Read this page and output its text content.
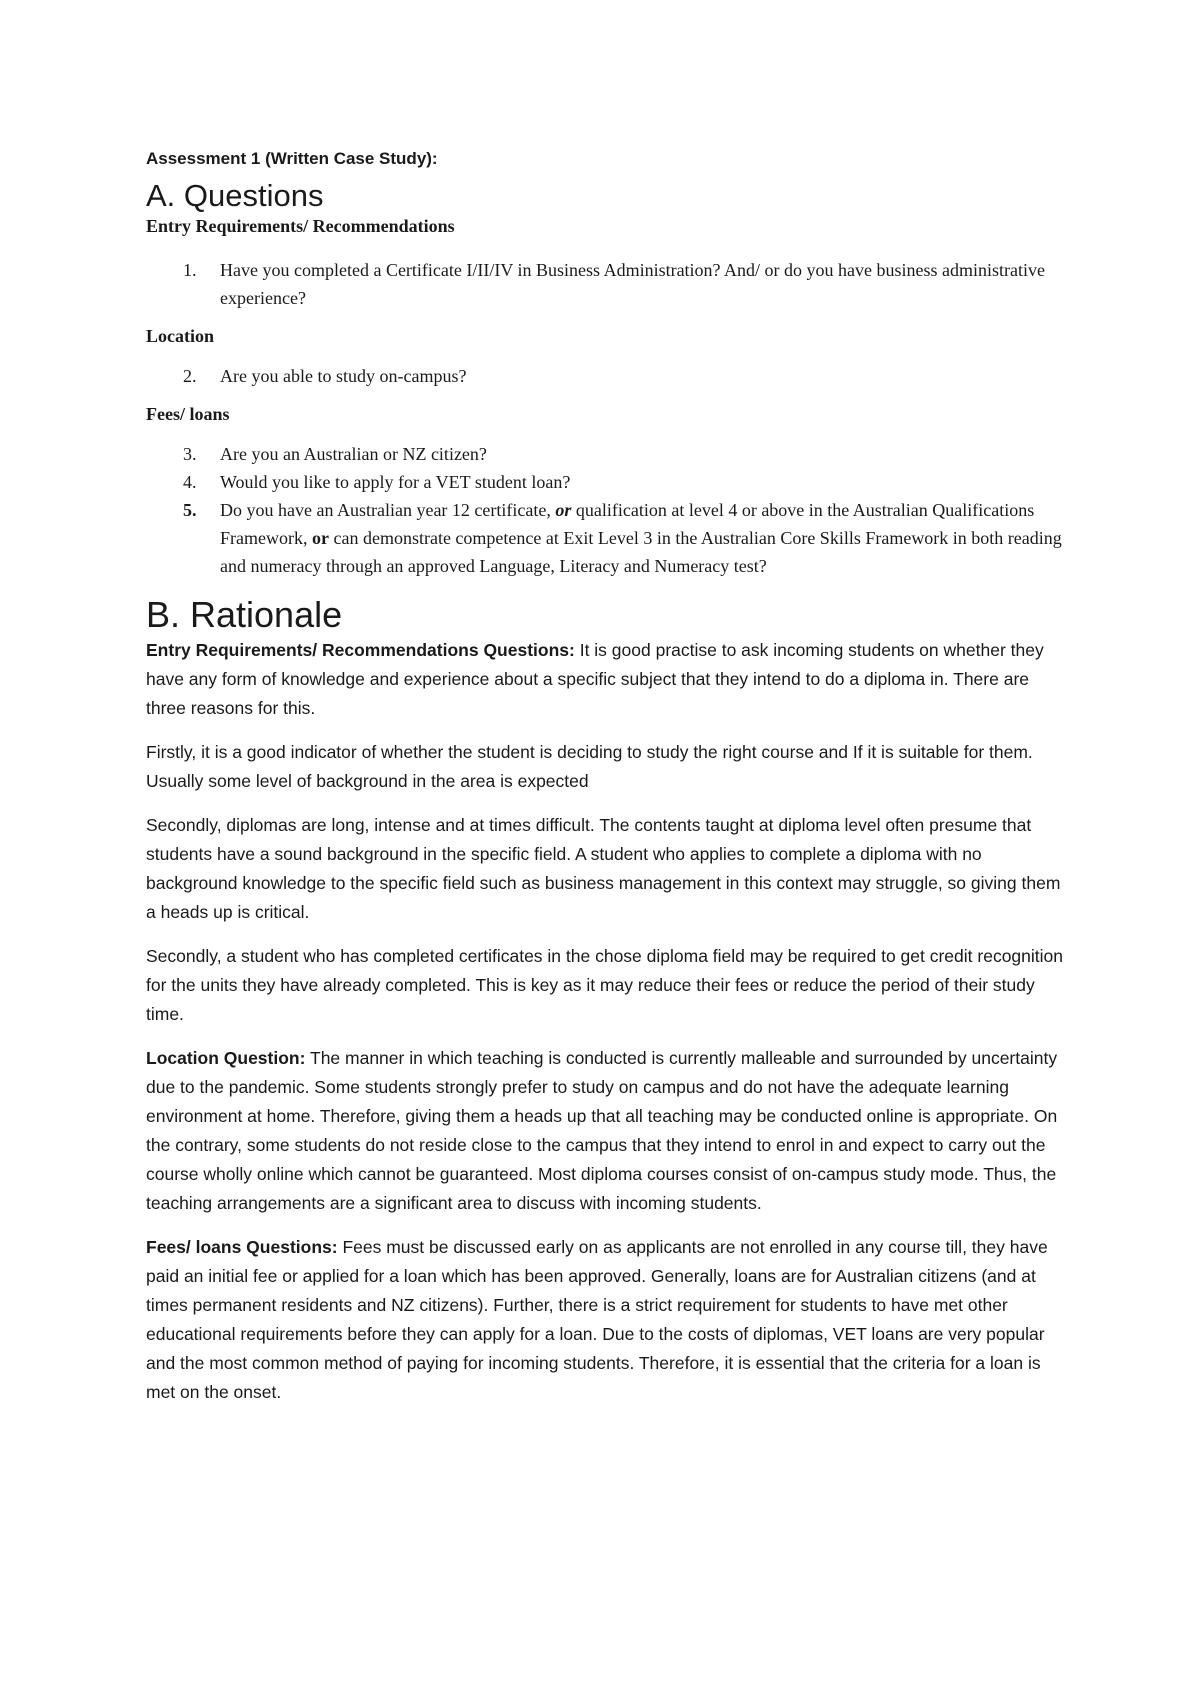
Assessment 1 (Written Case Study):

A. Questions

Entry Requirements/ Recommendations

1. Have you completed a Certificate I/II/IV in Business Administration? And/ or do you have business administrative experience?

Location

2. Are you able to study on-campus?

Fees/ loans

3. Are you an Australian or NZ citizen?
4. Would you like to apply for a VET student loan?
5. Do you have an Australian year 12 certificate, or qualification at level 4 or above in the Australian Qualifications Framework, or can demonstrate competence at Exit Level 3 in the Australian Core Skills Framework in both reading and numeracy through an approved Language, Literacy and Numeracy test?
B. Rationale

Entry Requirements/ Recommendations Questions: It is good practise to ask incoming students on whether they have any form of knowledge and experience about a specific subject that they intend to do a diploma in. There are three reasons for this.

Firstly, it is a good indicator of whether the student is deciding to study the right course and If it is suitable for them. Usually some level of background in the area is expected

Secondly, diplomas are long, intense and at times difficult. The contents taught at diploma level often presume that students have a sound background in the specific field. A student who applies to complete a diploma with no background knowledge to the specific field such as business management in this context may struggle, so giving them a heads up is critical.

Secondly, a student who has completed certificates in the chose diploma field may be required to get credit recognition for the units they have already completed. This is key as it may reduce their fees or reduce the period of their study time.

Location Question: The manner in which teaching is conducted is currently malleable and surrounded by uncertainty due to the pandemic. Some students strongly prefer to study on campus and do not have the adequate learning environment at home. Therefore, giving them a heads up that all teaching may be conducted online is appropriate. On the contrary, some students do not reside close to the campus that they intend to enrol in and expect to carry out the course wholly online which cannot be guaranteed. Most diploma courses consist of on-campus study mode. Thus, the teaching arrangements are a significant area to discuss with incoming students.

Fees/ loans Questions: Fees must be discussed early on as applicants are not enrolled in any course till, they have paid an initial fee or applied for a loan which has been approved. Generally, loans are for Australian citizens (and at times permanent residents and NZ citizens). Further, there is a strict requirement for students to have met other educational requirements before they can apply for a loan. Due to the costs of diplomas, VET loans are very popular and the most common method of paying for incoming students. Therefore, it is essential that the criteria for a loan is met on the onset.
